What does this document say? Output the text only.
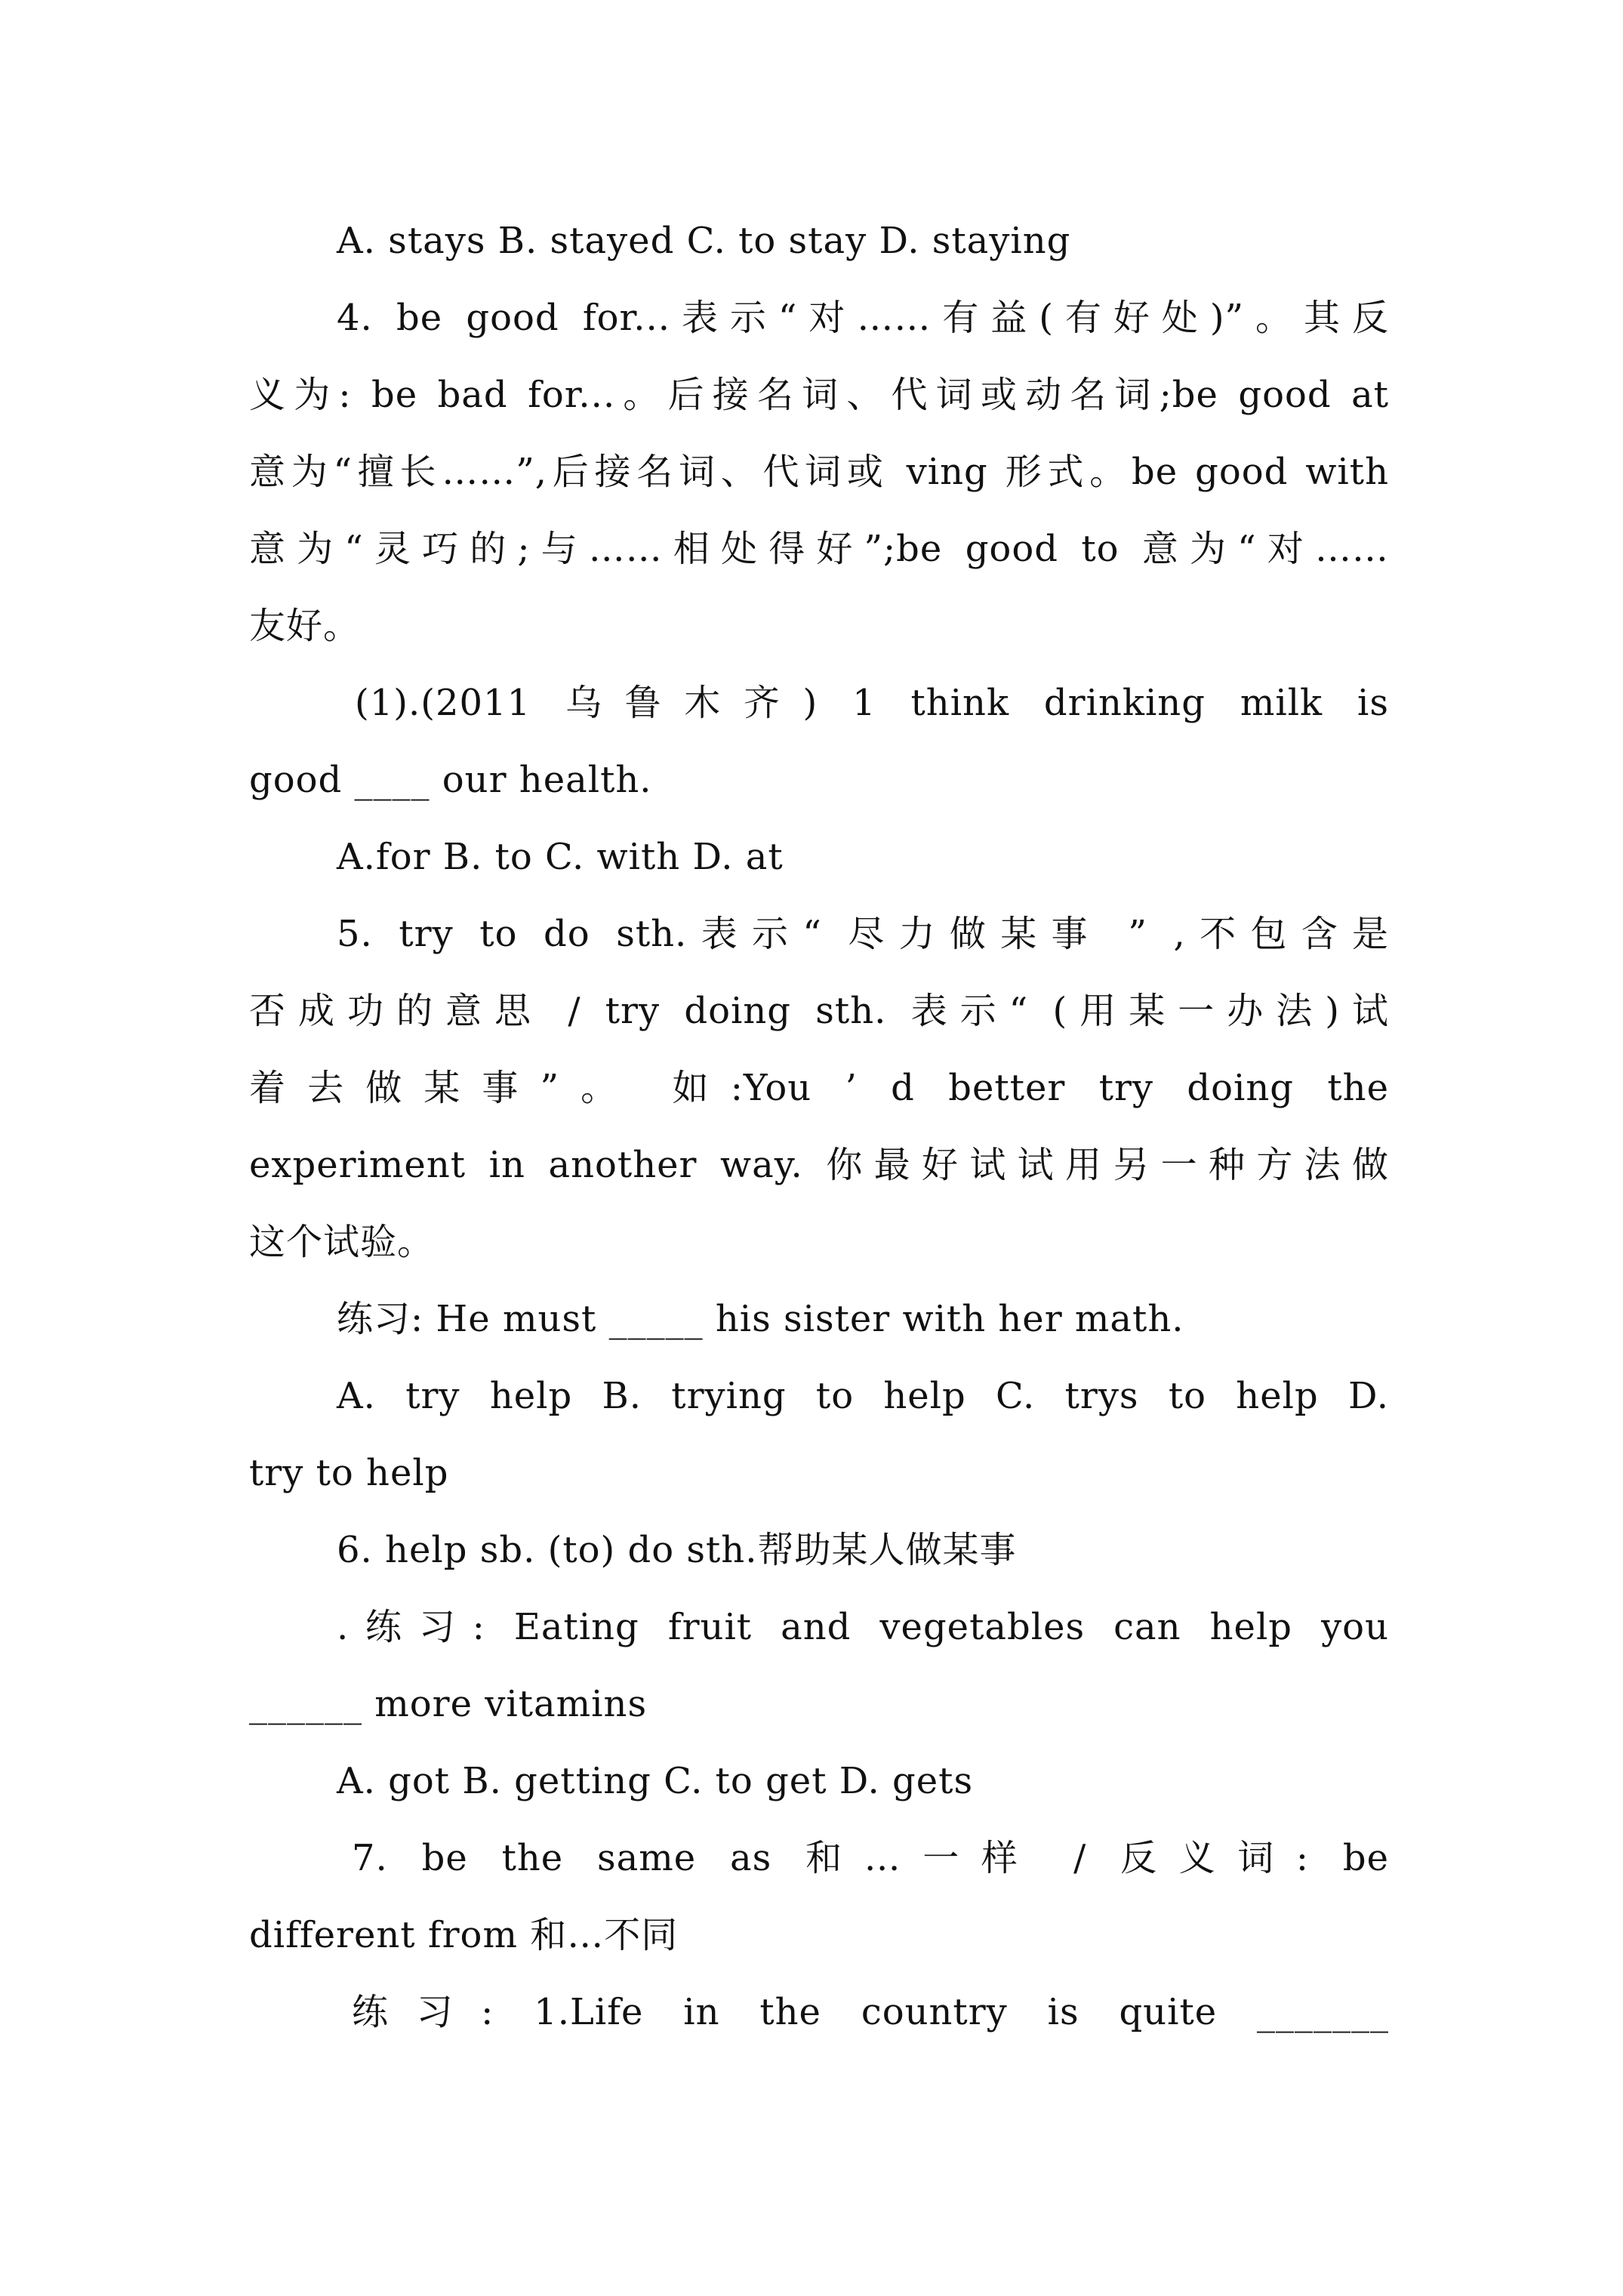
A. stays B. stayed C. to stay D. staying
4. be good for...表示“对……有益(有好处)”。其反
义为: be bad for...。后接名词、代词或动名词;be good at
意为“擅长……”,后接名词、代词或 ving 形式。be good with
意为“灵巧的;与……相处得好”;be good to 意为“对……
友好。
(1).(2011 乌鲁木齐) 1 think drinking milk is
good ____ our health.
A.for B. to C. with D. at
5. try to do sth.表示“ 尽力做某事 ” ,不包含是
否成功的意思 / try doing sth. 表示“ (用某一办法)试
着去做某事”。 如:You ’ d better try doing the
experiment in another way. 你最好试试用另一种方法做
这个试验。
练习: He must _____ his sister with her math.
A. try help B. trying to help C. trys to help D.
try to help
6. help sb. (to) do sth.帮助某人做某事
.练习: Eating fruit and vegetables can help you
______ more vitamins
A. got B. getting C. to get D. gets
7. be the same as 和…一样 / 反义词: be
different from 和…不同
练习: 1.Life in the country is quite _______
